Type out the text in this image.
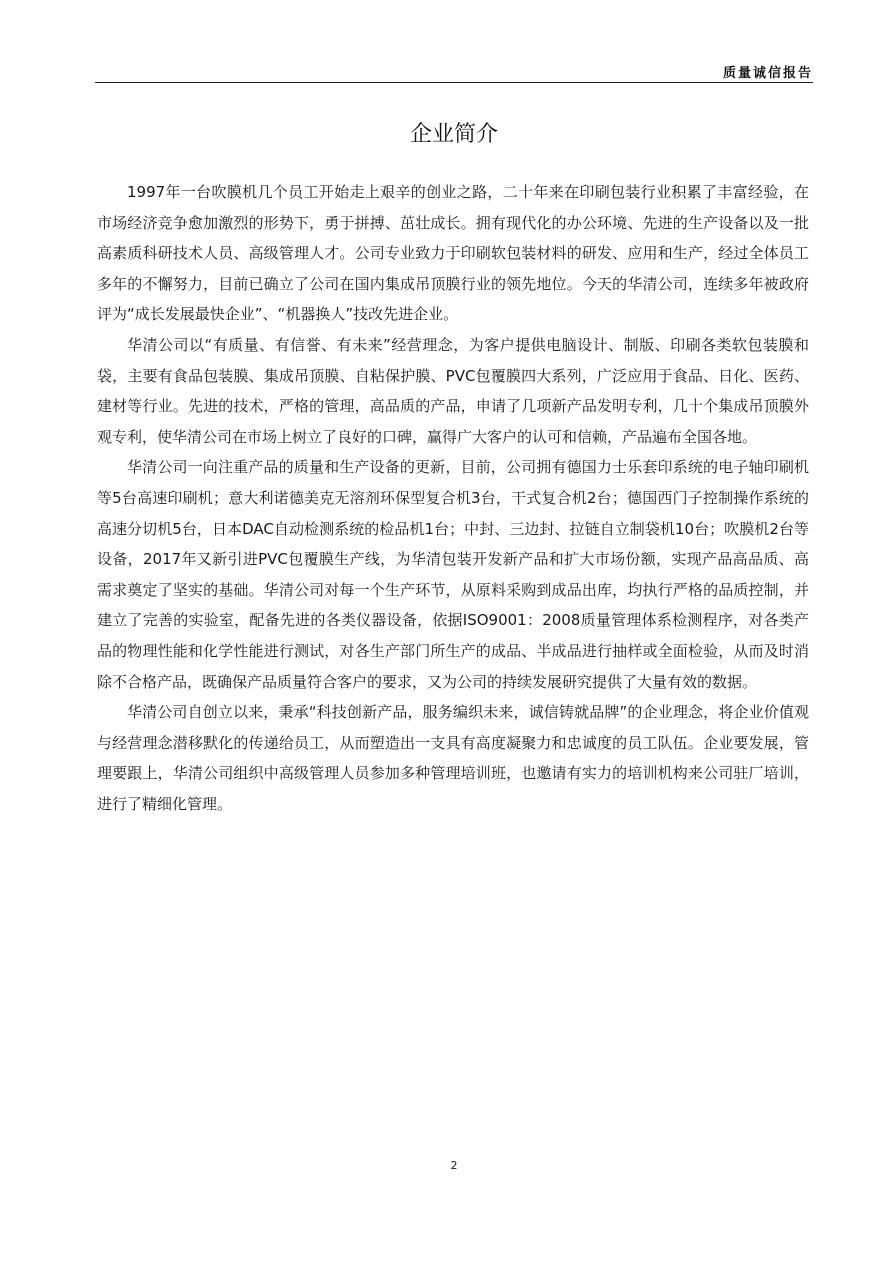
质量诚信报告
企业简介

1997年一台吹膜机几个员工开始走上艰辛的创业之路，二十年来在印刷包装行业积累了丰富经验，在市场经济竞争愈加激烈的形势下，勇于拼搏、茁壮成长。拥有现代化的办公环境、先进的生产设备以及一批高素质科研技术人员、高级管理人才。公司专业致力于印刷软包装材料的研发、应用和生产，经过全体员工多年的不懈努力，目前已确立了公司在国内集成吊顶膜行业的领先地位。今天的华清公司，连续多年被政府评为“成长发展最快企业”、“机器换人”技改先进企业。

华清公司以“有质量、有信誉、有未来”经营理念，为客户提供电脑设计、制版、印刷各类软包装膜和袋，主要有食品包装膜、集成吊顶膜、自粘保护膜、PVC包覆膜四大系列，广泛应用于食品、日化、医药、建材等行业。先进的技术，严格的管理，高品质的产品，申请了几项新产品发明专利，几十个集成吊顶膜外观专利，使华清公司在市场上树立了良好的口碑，赢得广大客户的认可和信赖，产品遍布全国各地。

华清公司一向注重产品的质量和生产设备的更新，目前，公司拥有德国力士乐套印系统的电子轴印刷机等5台高速印刷机；意大利诺德美克无溶剂环保型复合机3台，干式复合机2台；德国西门子控制操作系统的高速分切机5台，日本DAC自动检测系统的检品机1台；中封、三边封、拉链自立制袋机10台；吹膜机2台等设备，2017年又新引进PVC包覆膜生产线，为华清包装开发新产品和扩大市场份额，实现产品高品质、高需求奠定了坚实的基础。华清公司对每一个生产环节，从原料采购到成品出库，均执行严格的品质控制，并建立了完善的实验室，配备先进的各类仪器设备，依据ISO9001：2008质量管理体系检测程序，对各类产品的物理性能和化学性能进行测试，对各生产部门所生产的成品、半成品进行抽样或全面检验，从而及时消除不合格产品，既确保产品质量符合客户的要求，又为公司的持续发展研究提供了大量有效的数据。

华清公司自创立以来，秉承“科技创新产品，服务编织未来，诚信铸就品牌”的企业理念，将企业价值观与经营理念潜移默化的传递给员工，从而塑造出一支具有高度凝聚力和忠诚度的员工队伍。企业要发展，管理要跟上，华清公司组织中高级管理人员参加多种管理培训班，也邀请有实力的培训机构来公司驻厂培训，进行了精细化管理。

2
